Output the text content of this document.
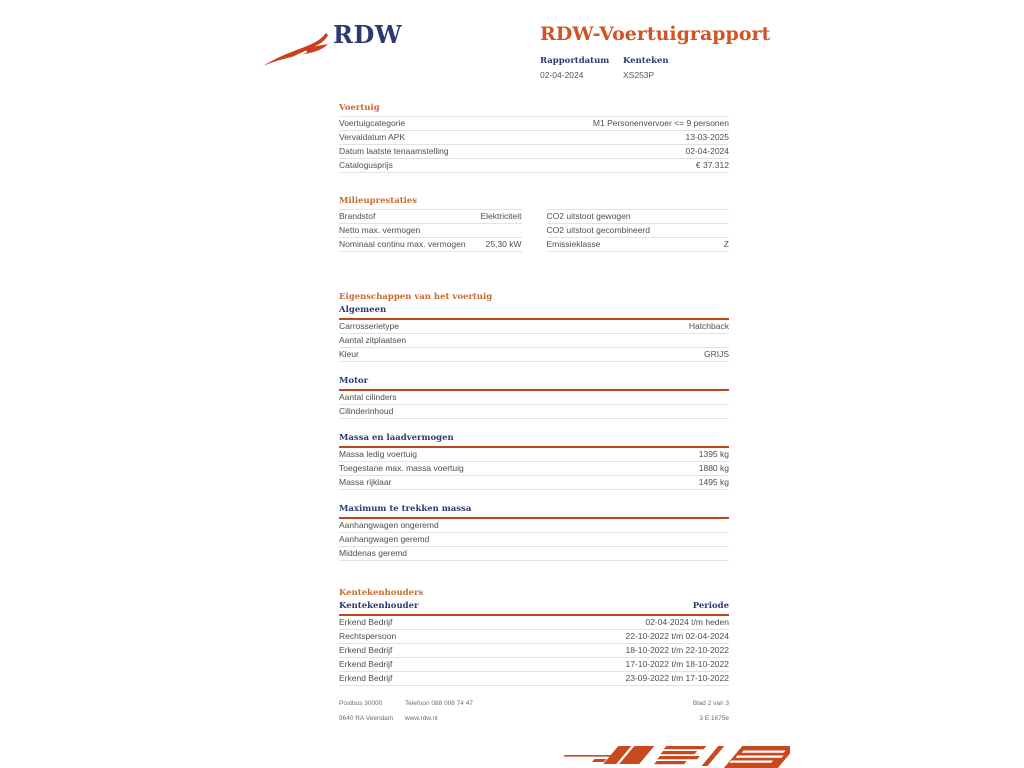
RDW	RDW-Voertuigrapport
Rapportdatum
02-04-2024
Kenteken
XS253P
Voertuig
Voertuigcategorie	M1 Personenvervoer <= 9 personen
Vervaldatum APK	13-03-2025
Datum laatste tenaamstelling	02-04-2024
Catalogusprijs	€ 37.312
Milieuprestaties
Brandstof	Elektriciteit
Netto max. vermogen
Nominaal continu max. vermogen 25,30 kW
CO2 uitstoot gewogen
CO2 uitstoot gecombineerd
Emissieklasse	Z
Eigenschappen van het voertuig
Algemeen
Carrosserietype	Hatchback
Aantal zitplaatsen
Kleur	GRIJS
Motor
Aantal cilinders
Cilinderinhoud
Massa en laadvermogen
Massa ledig voertuig	1395 kg
Toegestane max. massa voertuig	1880 kg
Massa rijklaar	1495 kg
Maximum te trekken massa
Aanhangwagen ongeremd
Aanhangwagen geremd
Middenas geremd
Kentekenhouders
Kentekenhouder	Periode
Erkend Bedrijf	02-04-2024 t/m heden
Rechtspersoon	22-10-2022 t/m 02-04-2024
Erkend Bedrijf	18-10-2022 t/m 22-10-2022
Erkend Bedrijf	17-10-2022 t/m 18-10-2022
Erkend Bedrijf	23-09-2022 t/m 17-10-2022
Postbus 30000	Telefoon 088 008 74 47	Blad 2 van 3
9640 RA Veendam	www.rdw.nl	3 E 1675e
